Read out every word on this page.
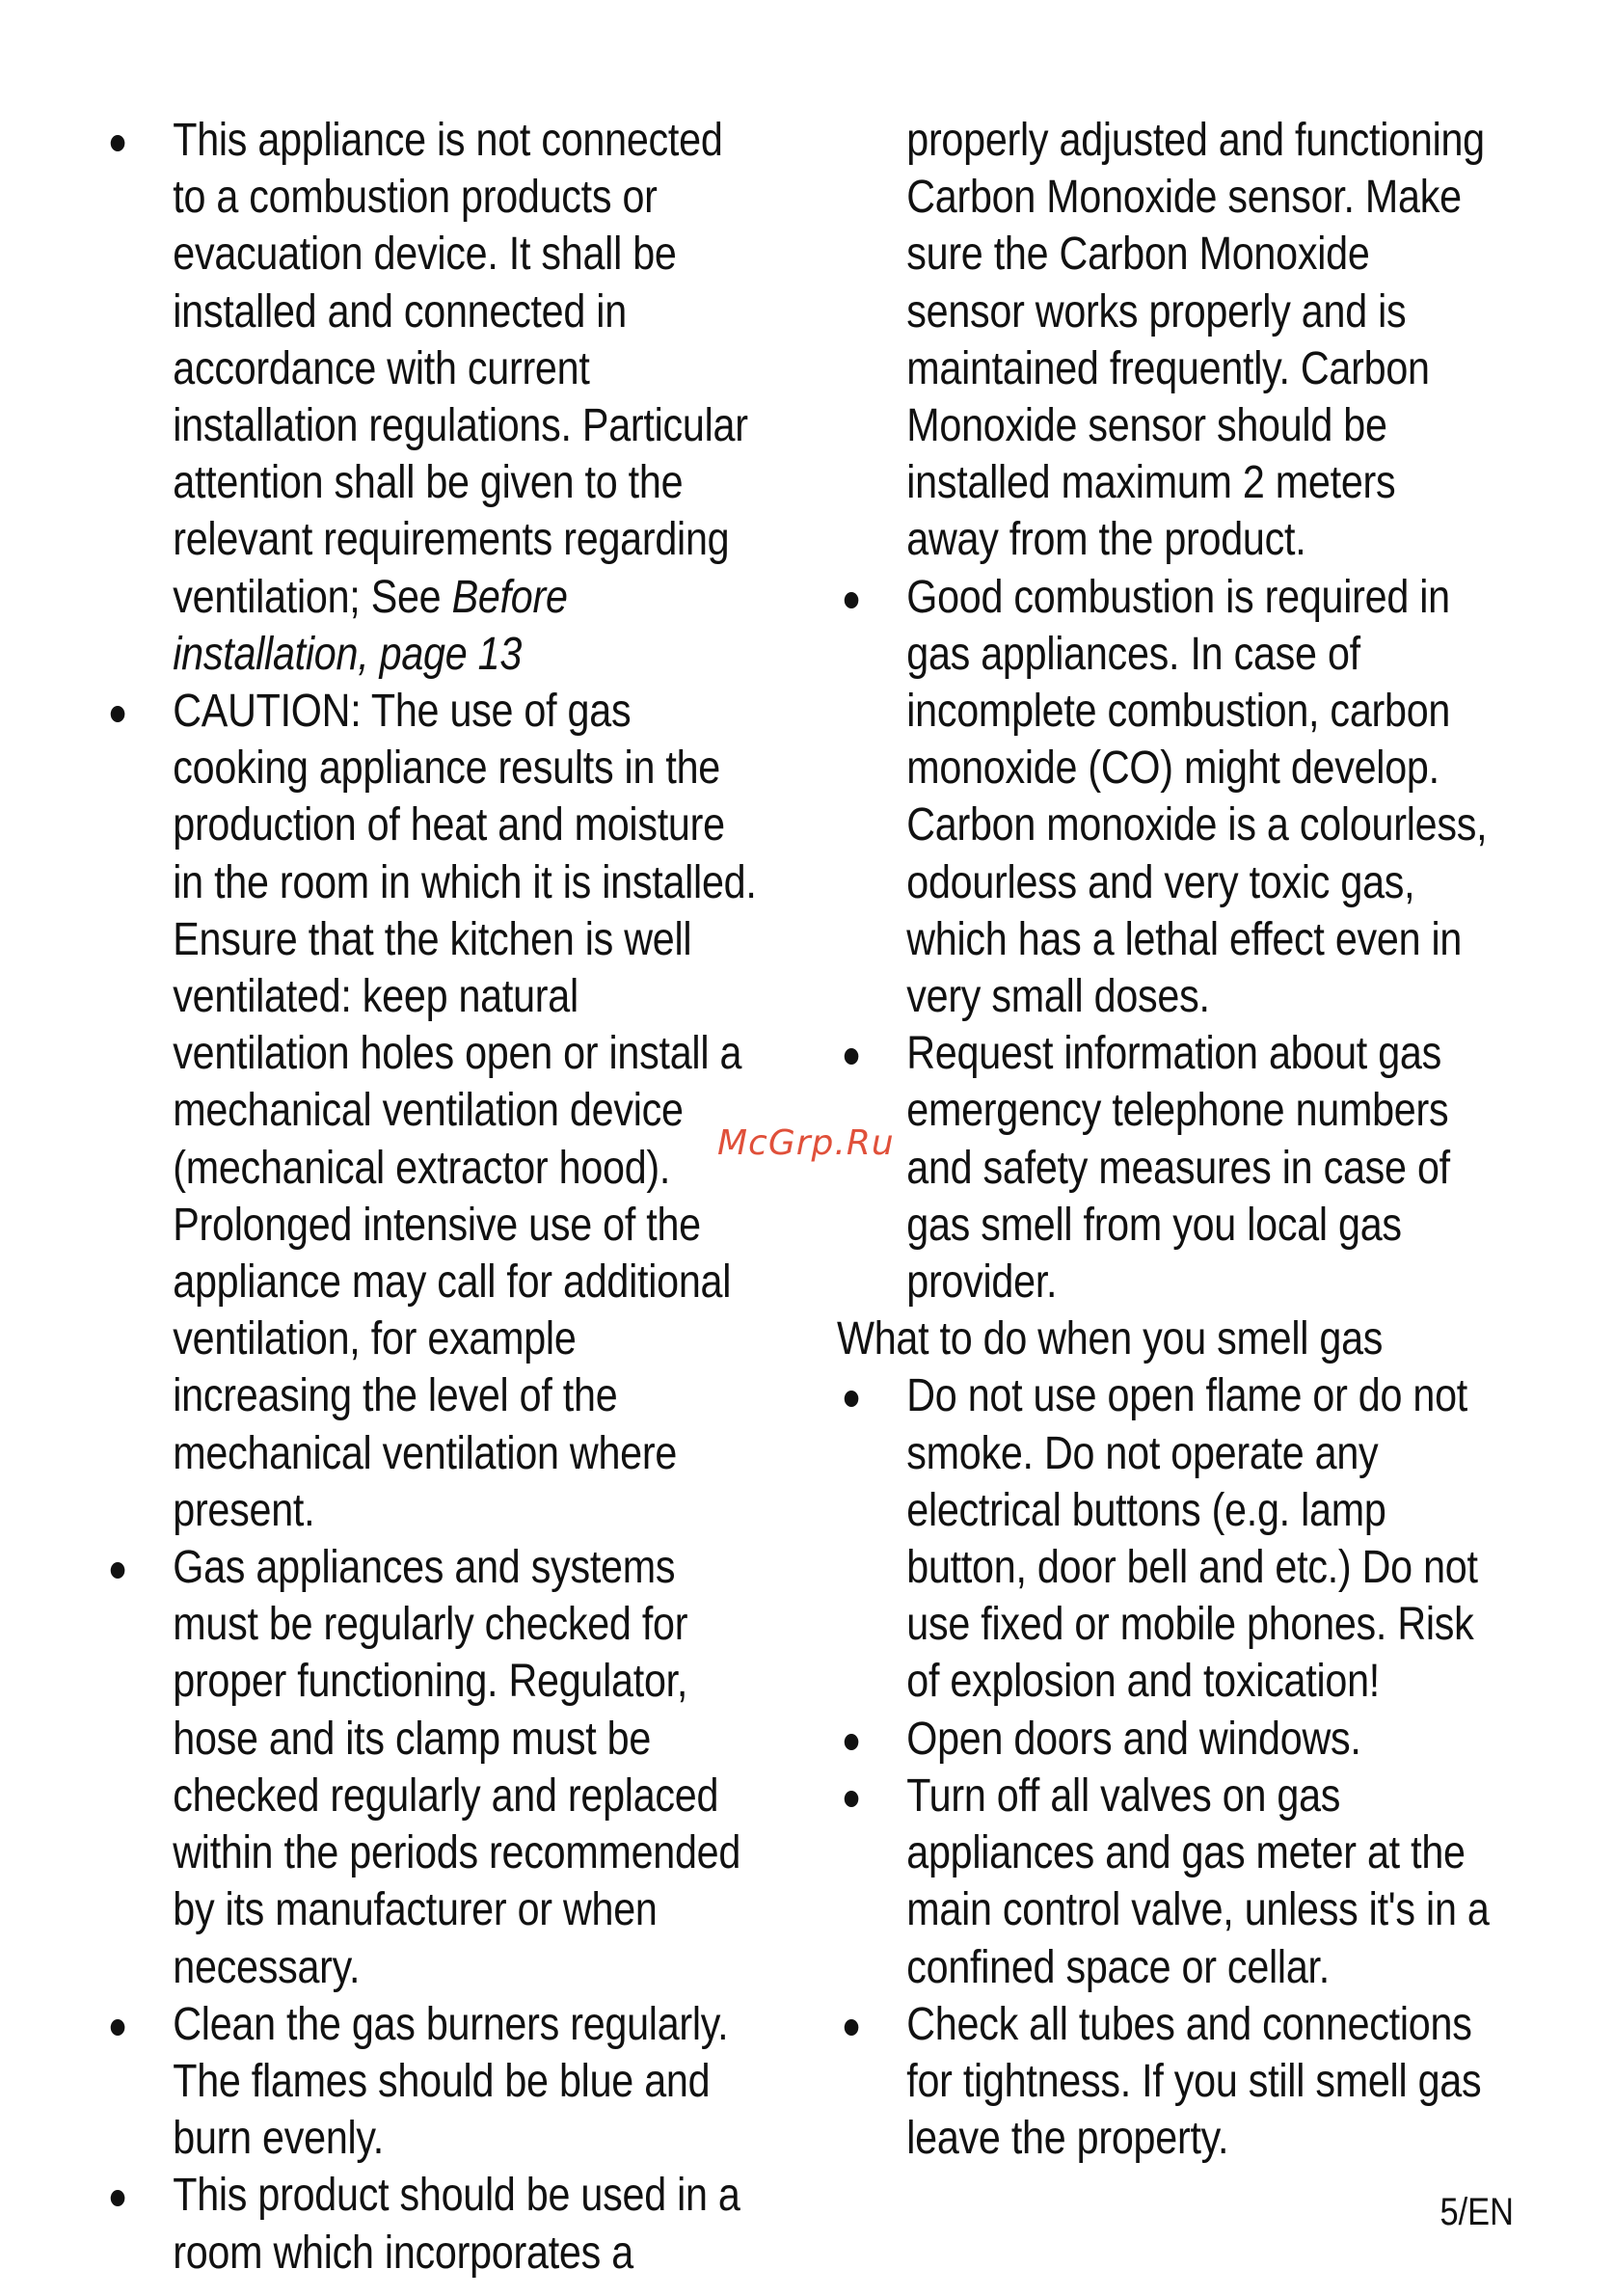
This appliance is not connected to a combustion products or evacuation device. It shall be installed and connected in accordance with current installation regulations. Particular attention shall be given to the relevant requirements regarding ventilation; See Before installation, page 13
CAUTION: The use of gas cooking appliance results in the production of heat and moisture in the room in which it is installed. Ensure that the kitchen is well ventilated: keep natural ventilation holes open or install a mechanical ventilation device (mechanical extractor hood). Prolonged intensive use of the appliance may call for additional ventilation, for example increasing the level of the mechanical ventilation where present.
Gas appliances and systems must be regularly checked for proper functioning. Regulator, hose and its clamp must be checked regularly and replaced within the periods recommended by its manufacturer or when necessary.
Clean the gas burners regularly. The flames should be blue and burn evenly.
This product should be used in a room which incorporates a
properly adjusted and functioning Carbon Monoxide sensor. Make sure the Carbon Monoxide sensor works properly and is maintained frequently. Carbon Monoxide sensor should be installed maximum 2 meters away from the product.
Good combustion is required in gas appliances. In case of incomplete combustion, carbon monoxide (CO) might develop. Carbon monoxide is a colourless, odourless and very toxic gas, which has a lethal effect even in very small doses.
Request information about gas emergency telephone numbers and safety measures in case of gas smell from you local gas provider.
What to do when you smell gas
Do not use open flame or do not smoke. Do not operate any electrical buttons (e.g. lamp button, door bell and etc.) Do not use fixed or mobile phones. Risk of explosion and toxication!
Open doors and windows.
Turn off all valves on gas appliances and gas meter at the main control valve, unless it's in a confined space or cellar.
Check all tubes and connections for tightness. If you still smell gas leave the property.
McGrp.Ru
5/EN
